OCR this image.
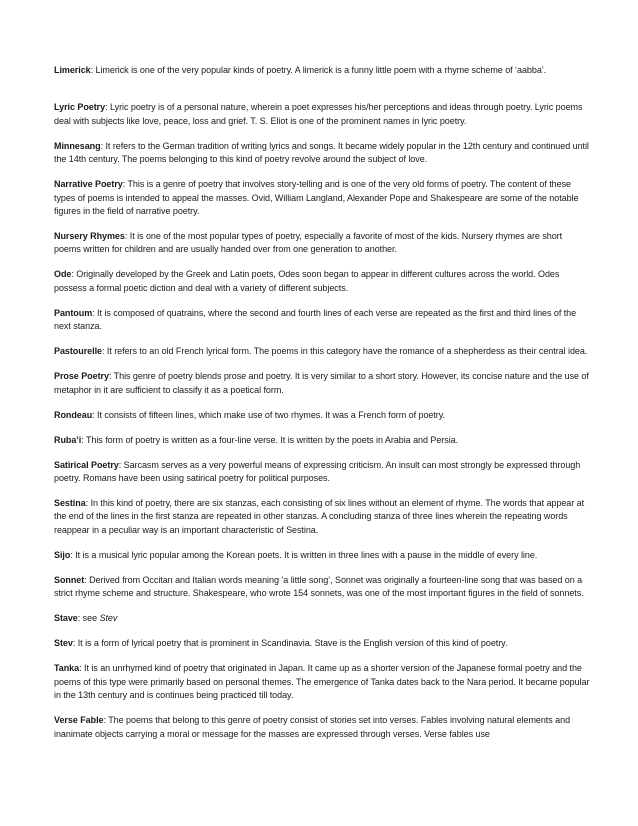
Limerick: Limerick is one of the very popular kinds of poetry. A limerick is a funny little poem with a rhyme scheme of ‘aabba’.

Lyric Poetry: Lyric poetry is of a personal nature, wherein a poet expresses his/her perceptions and ideas through poetry. Lyric poems deal with subjects like love, peace, loss and grief. T. S. Eliot is one of the prominent names in lyric poetry.

Minnesang: It refers to the German tradition of writing lyrics and songs. It became widely popular in the 12th century and continued until the 14th century. The poems belonging to this kind of poetry revolve around the subject of love.

Narrative Poetry: This is a genre of poetry that involves story-telling and is one of the very old forms of poetry. The content of these types of poems is intended to appeal the masses. Ovid, William Langland, Alexander Pope and Shakespeare are some of the notable figures in the field of narrative poetry.

Nursery Rhymes: It is one of the most popular types of poetry, especially a favorite of most of the kids. Nursery rhymes are short poems written for children and are usually handed over from one generation to another.

Ode: Originally developed by the Greek and Latin poets, Odes soon began to appear in different cultures across the world. Odes possess a formal poetic diction and deal with a variety of different subjects.

Pantoum: It is composed of quatrains, where the second and fourth lines of each verse are repeated as the first and third lines of the next stanza.

Pastourelle: It refers to an old French lyrical form. The poems in this category have the romance of a shepherdess as their central idea.

Prose Poetry: This genre of poetry blends prose and poetry. It is very similar to a short story. However, its concise nature and the use of metaphor in it are sufficient to classify it as a poetical form.

Rondeau: It consists of fifteen lines, which make use of two rhymes. It was a French form of poetry.

Ruba’i: This form of poetry is written as a four-line verse. It is written by the poets in Arabia and Persia.

Satirical Poetry: Sarcasm serves as a very powerful means of expressing criticism. An insult can most strongly be expressed through poetry. Romans have been using satirical poetry for political purposes.

Sestina: In this kind of poetry, there are six stanzas, each consisting of six lines without an element of rhyme. The words that appear at the end of the lines in the first stanza are repeated in other stanzas. A concluding stanza of three lines wherein the repeating words reappear in a peculiar way is an important characteristic of Sestina.

Sijo: It is a musical lyric popular among the Korean poets. It is written in three lines with a pause in the middle of every line.

Sonnet: Derived from Occitan and Italian words meaning ‘a little song’, Sonnet was originally a fourteen-line song that was based on a strict rhyme scheme and structure. Shakespeare, who wrote 154 sonnets, was one of the most important figures in the field of sonnets.

Stave: see Stev

Stev: It is a form of lyrical poetry that is prominent in Scandinavia. Stave is the English version of this kind of poetry.

Tanka: It is an unrhymed kind of poetry that originated in Japan. It came up as a shorter version of the Japanese formal poetry and the poems of this type were primarily based on personal themes. The emergence of Tanka dates back to the Nara period. It became popular in the 13th century and is continues being practiced till today.

Verse Fable: The poems that belong to this genre of poetry consist of stories set into verses. Fables involving natural elements and inanimate objects carrying a moral or message for the masses are expressed through verses. Verse fables use
